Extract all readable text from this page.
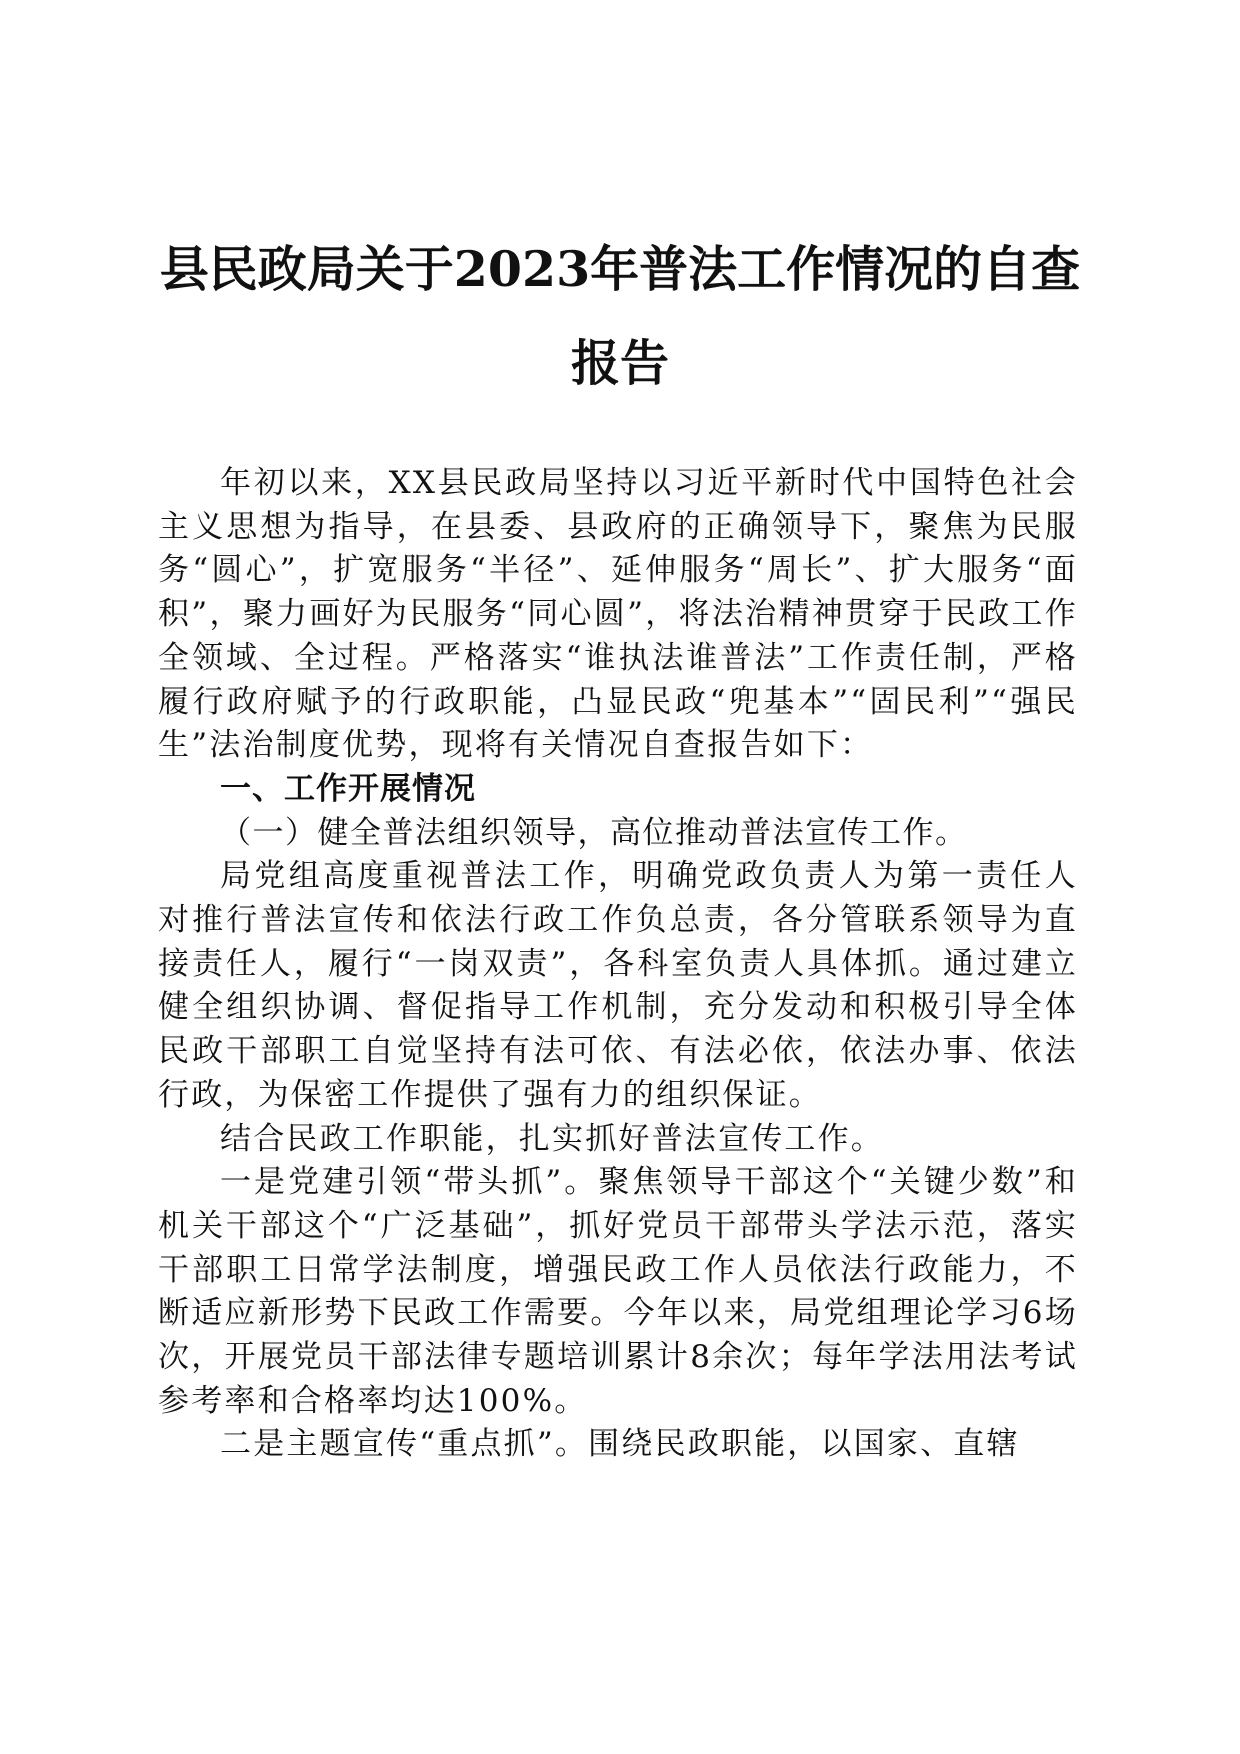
县民政局关于2023年普法工作情况的自查报告

年初以来，XX县民政局坚持以习近平新时代中国特色社会主义思想为指导，在县委、县政府的正确领导下，聚焦为民服务“圆心”，扩宽服务“半径”、延伸服务“周长”、扩大服务“面积”，聚力画好为民服务“同心圆”，将法治精神贯穿于民政工作全领域、全过程。严格落实“谁执法谁普法”工作责任制，严格履行政府赋予的行政职能，凸显民政“兜基本”“固民利”“强民生”法治制度优势，现将有关情况自查报告如下：

一、工作开展情况

（一）健全普法组织领导，高位推动普法宣传工作。

局党组高度重视普法工作，明确党政负责人为第一责任人对推行普法宣传和依法行政工作负总责，各分管联系领导为直接责任人，履行“一岗双责”，各科室负责人具体抓。通过建立健全组织协调、督促指导工作机制，充分发动和积极引导全体民政干部职工自觉坚持有法可依、有法必依，依法办事、依法行政，为保密工作提供了强有力的组织保证。

结合民政工作职能，扎实抓好普法宣传工作。

一是党建引领“带头抓”。聚焦领导干部这个“关键少数”和机关干部这个“广泛基础”，抓好党员干部带头学法示范，落实干部职工日常学法制度，增强民政工作人员依法行政能力，不断适应新形势下民政工作需要。今年以来，局党组理论学习6场次，开展党员干部法律专题培训累计8余次；每年学法用法考试参考率和合格率均达100%。

二是主题宣传“重点抓”。围绕民政职能，以国家、直辖
